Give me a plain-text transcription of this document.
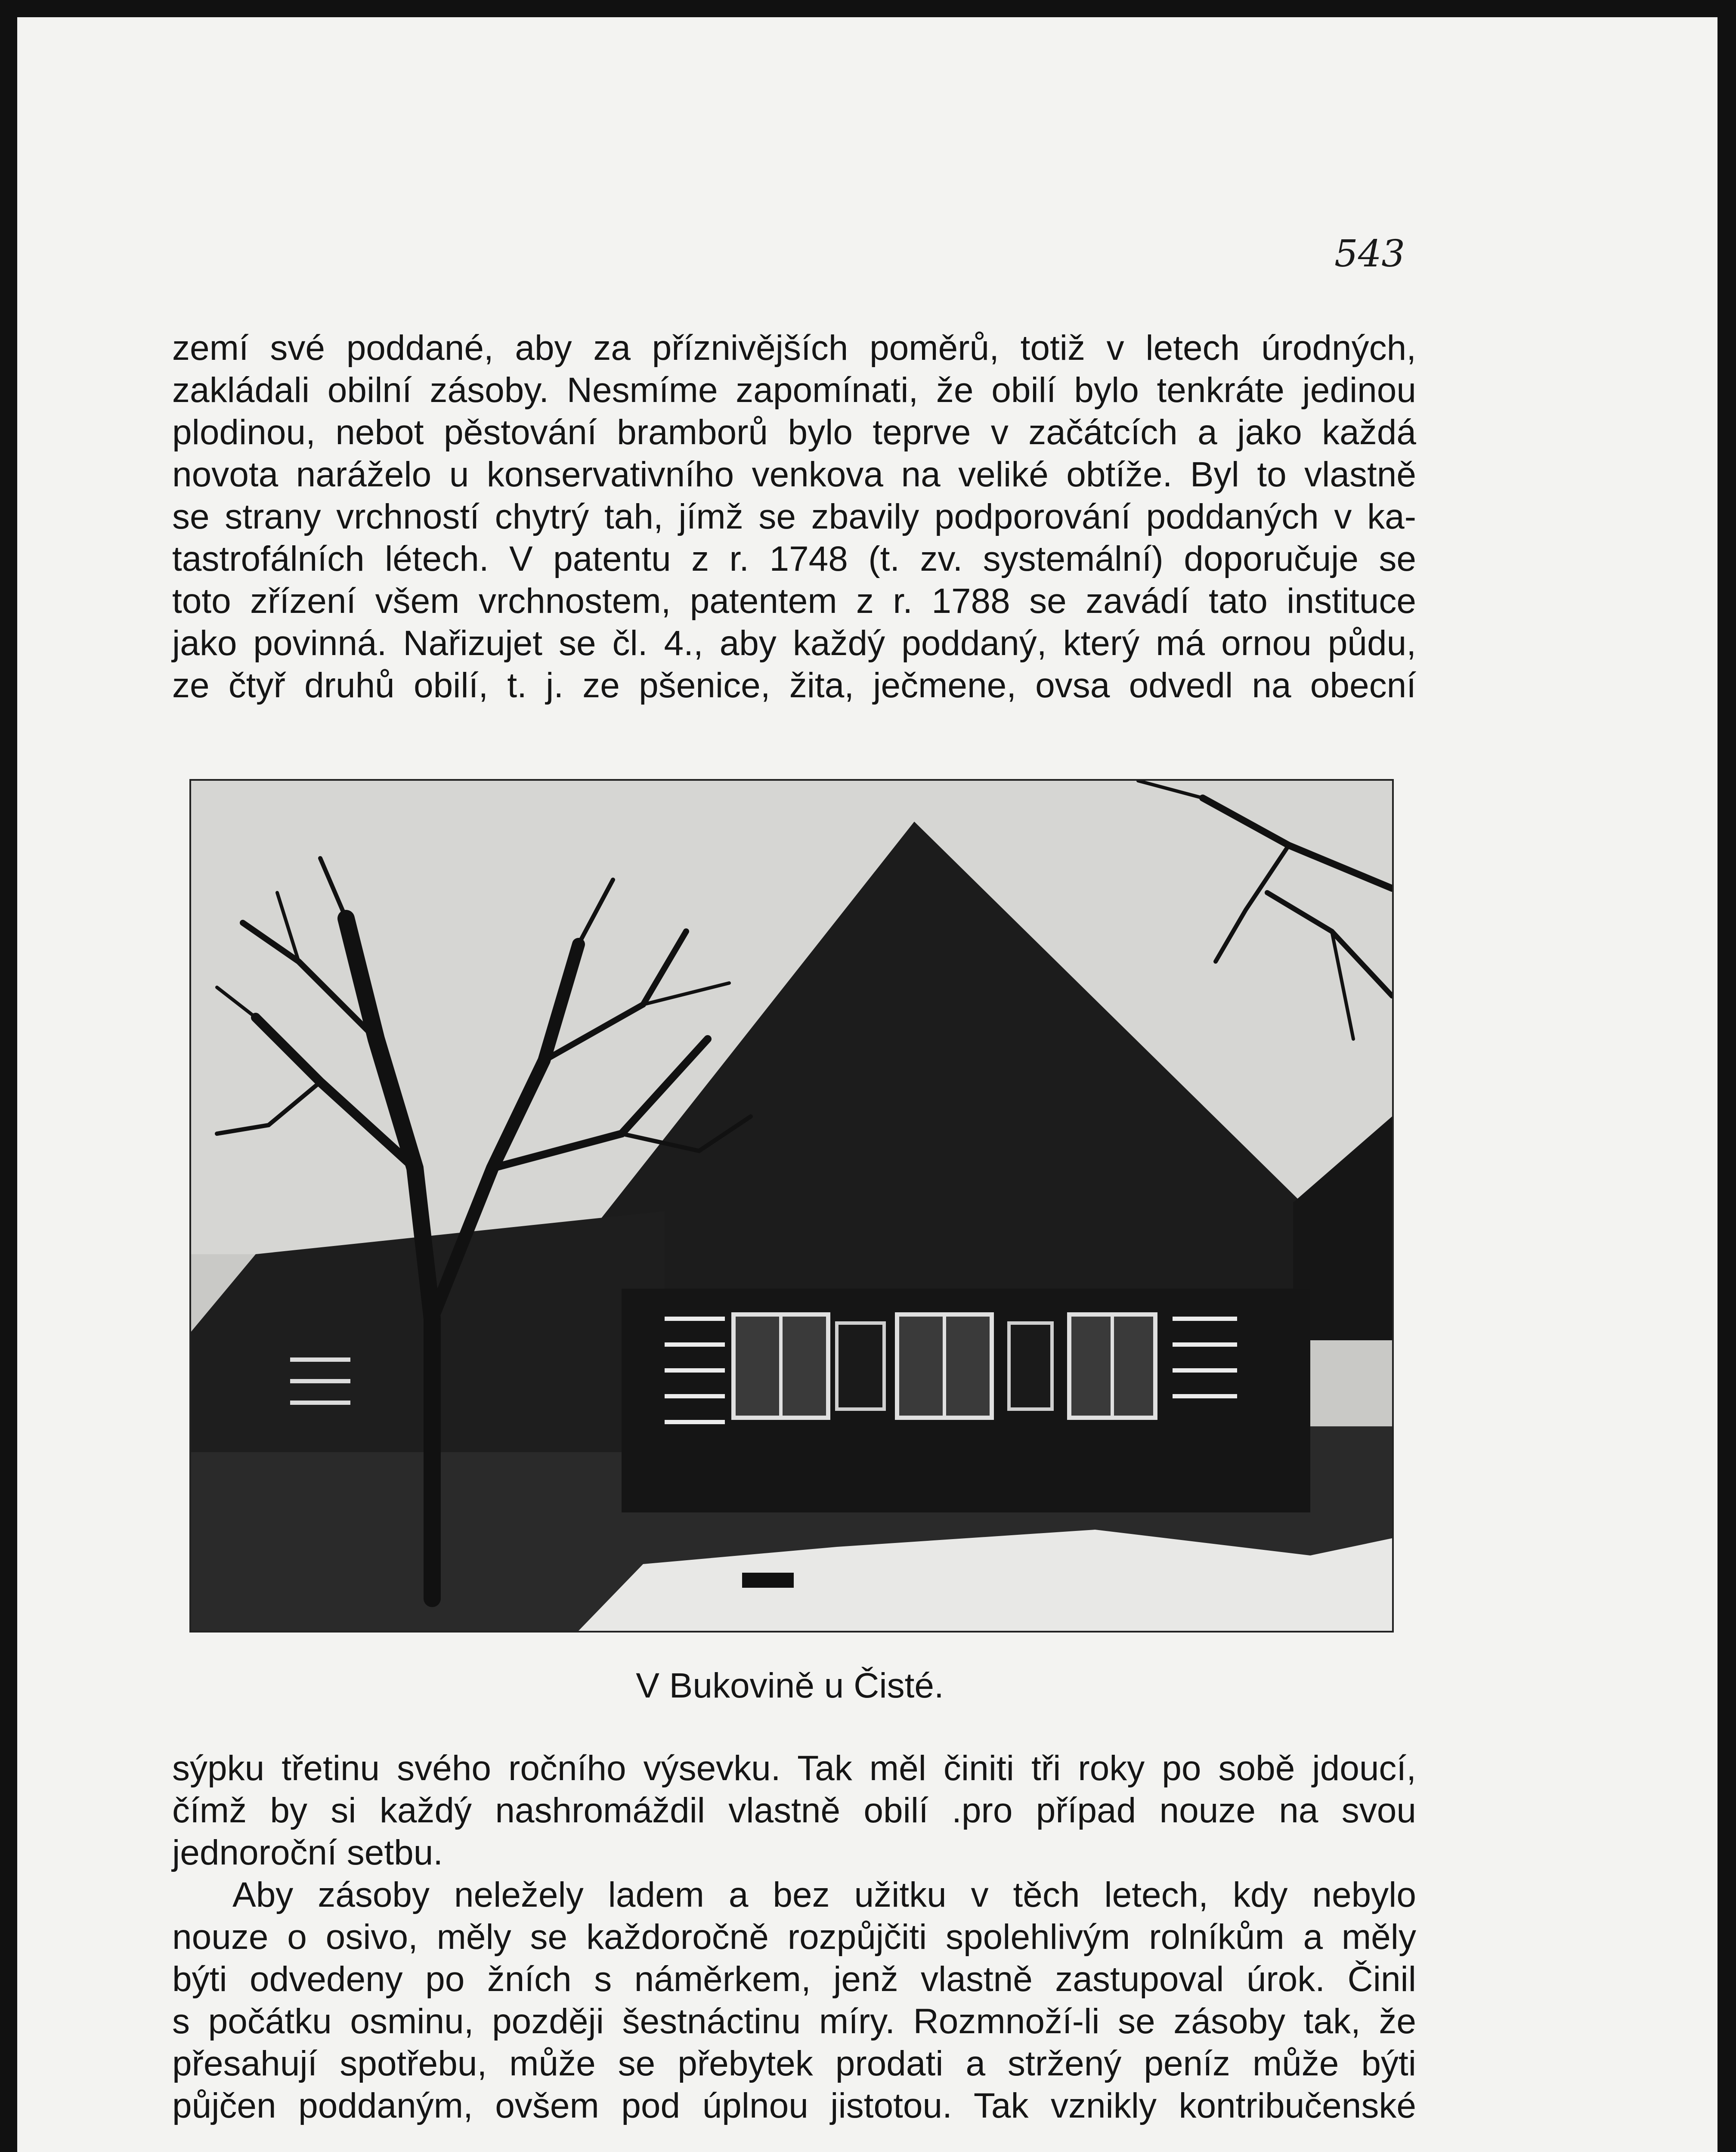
543
zemí své poddané, aby za příznivějších poměrů, totiž v letech úrodných,
zakládali obilní zásoby. Nesmíme zapomínati, že obilí bylo tenkráte jedinou
plodinou, nebot pěstování bramborů bylo teprve v začátcích a jako každá
novota naráželo u konservativního venkova na veliké obtíže. Byl to vlastně
se strany vrchností chytrý tah, jímž se zbavily podporování poddaných v ka-
tastrofálních létech. V patentu z r. 1748 (t. zv. systemální) doporučuje se
toto zřízení všem vrchnostem, patentem z r. 1788 se zavádí tato instituce
jako povinná. Nařizujet se čl. 4., aby každý poddaný, který má ornou půdu,
ze čtyř druhů obilí, t. j. ze pšenice, žita, ječmene, ovsa odvedl na obecní
V Bukovině u Čisté.
sýpku třetinu svého ročního výsevku. Tak měl činiti tři roky po sobě jdoucí,
čímž by si každý nashromáždil vlastně obilí .pro případ nouze na svou
jednoroční setbu.
Aby zásoby neležely ladem a bez užitku v těch letech, kdy nebylo
nouze o osivo, měly se každoročně rozpůjčiti spolehlivým rolníkům a měly
býti odvedeny po žních s náměrkem, jenž vlastně zastupoval úrok. Činil
s počátku osminu, později šestnáctinu míry. Rozmnoží-li se zásoby tak, že
přesahují spotřebu, může se přebytek prodati a stržený peníz může býti
půjčen poddaným, ovšem pod úplnou jistotou. Tak vznikly kontribučenské
